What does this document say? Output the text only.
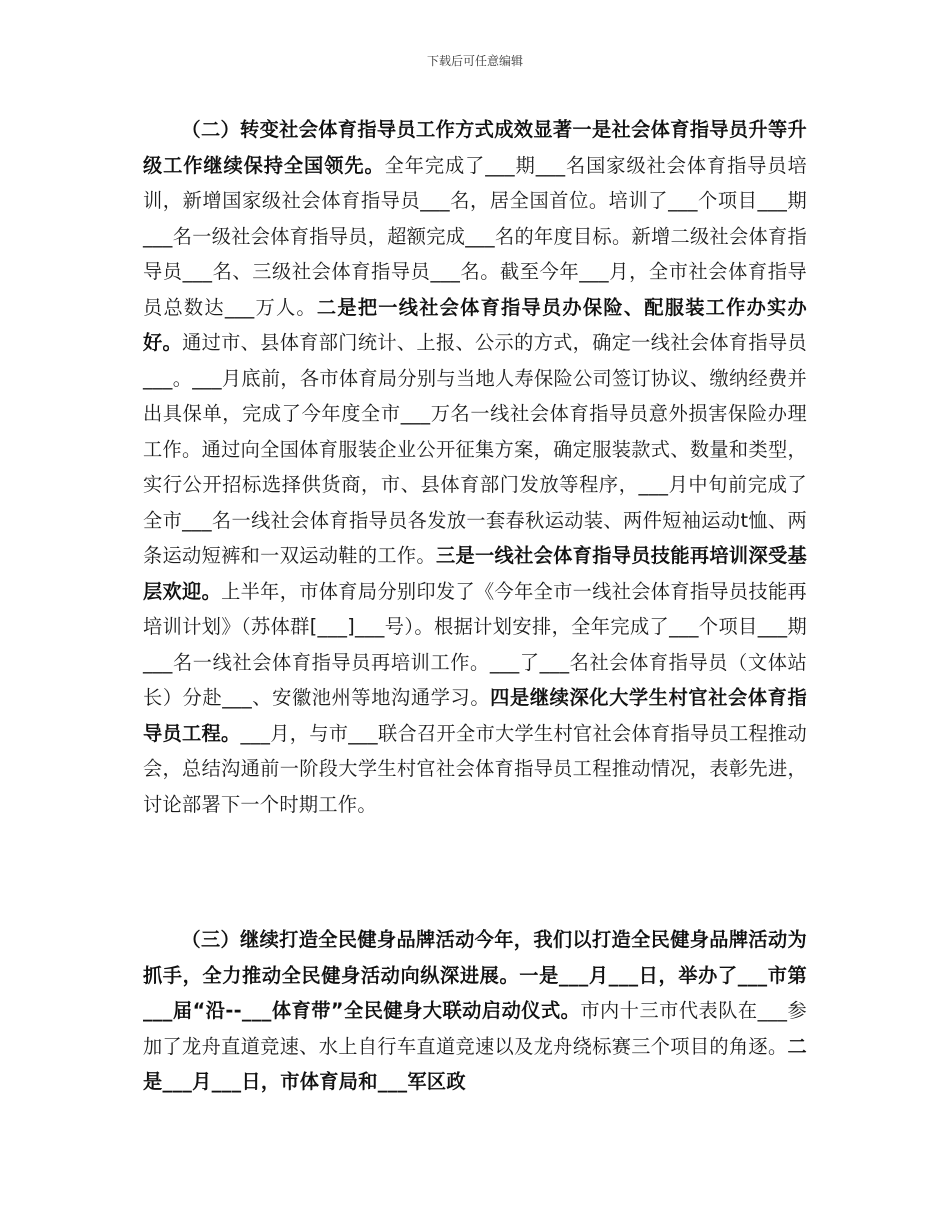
下载后可任意编辑

（二）转变社会体育指导员工作方式成效显著一是社会体育指导员升等升级工作继续保持全国领先。全年完成了___期___名国家级社会体育指导员培训，新增国家级社会体育指导员___名，居全国首位。培训了___个项目___期___名一级社会体育指导员，超额完成___名的年度目标。新增二级社会体育指导员___名、三级社会体育指导员___名。截至今年___月，全市社会体育指导员总数达___万人。二是把一线社会体育指导员办保险、配服装工作办实办好。通过市、县体育部门统计、上报、公示的方式，确定一线社会体育指导员___。___月底前，各市体育局分别与当地人寿保险公司签订协议、缴纳经费并出具保单，完成了今年度全市___万名一线社会体育指导员意外损害保险办理工作。通过向全国体育服装企业公开征集方案，确定服装款式、数量和类型，实行公开招标选择供货商，市、县体育部门发放等程序，___月中旬前完成了全市___名一线社会体育指导员各发放一套春秋运动装、两件短袖运动t恤、两条运动短裤和一双运动鞋的工作。三是一线社会体育指导员技能再培训深受基层欢迎。上半年，市体育局分别印发了《今年全市一线社会体育指导员技能再培训计划》（苏体群[___]___号）。根据计划安排，全年完成了___个项目___期___名一线社会体育指导员再培训工作。___了___名社会体育指导员（文体站长）分赴___、安徽池州等地沟通学习。四是继续深化大学生村官社会体育指导员工程。___月，与市___联合召开全市大学生村官社会体育指导员工程推动会，总结沟通前一阶段大学生村官社会体育指导员工程推动情况，表彰先进，讨论部署下一个时期工作。

（三）继续打造全民健身品牌活动今年，我们以打造全民健身品牌活动为抓手，全力推动全民健身活动向纵深进展。一是___月___日，举办了___市第___届“沿--___体育带”全民健身大联动启动仪式。市内十三市代表队在___参加了龙舟直道竞速、水上自行车直道竞速以及龙舟绕标赛三个项目的角逐。二是___月___日，市体育局和___军区政
